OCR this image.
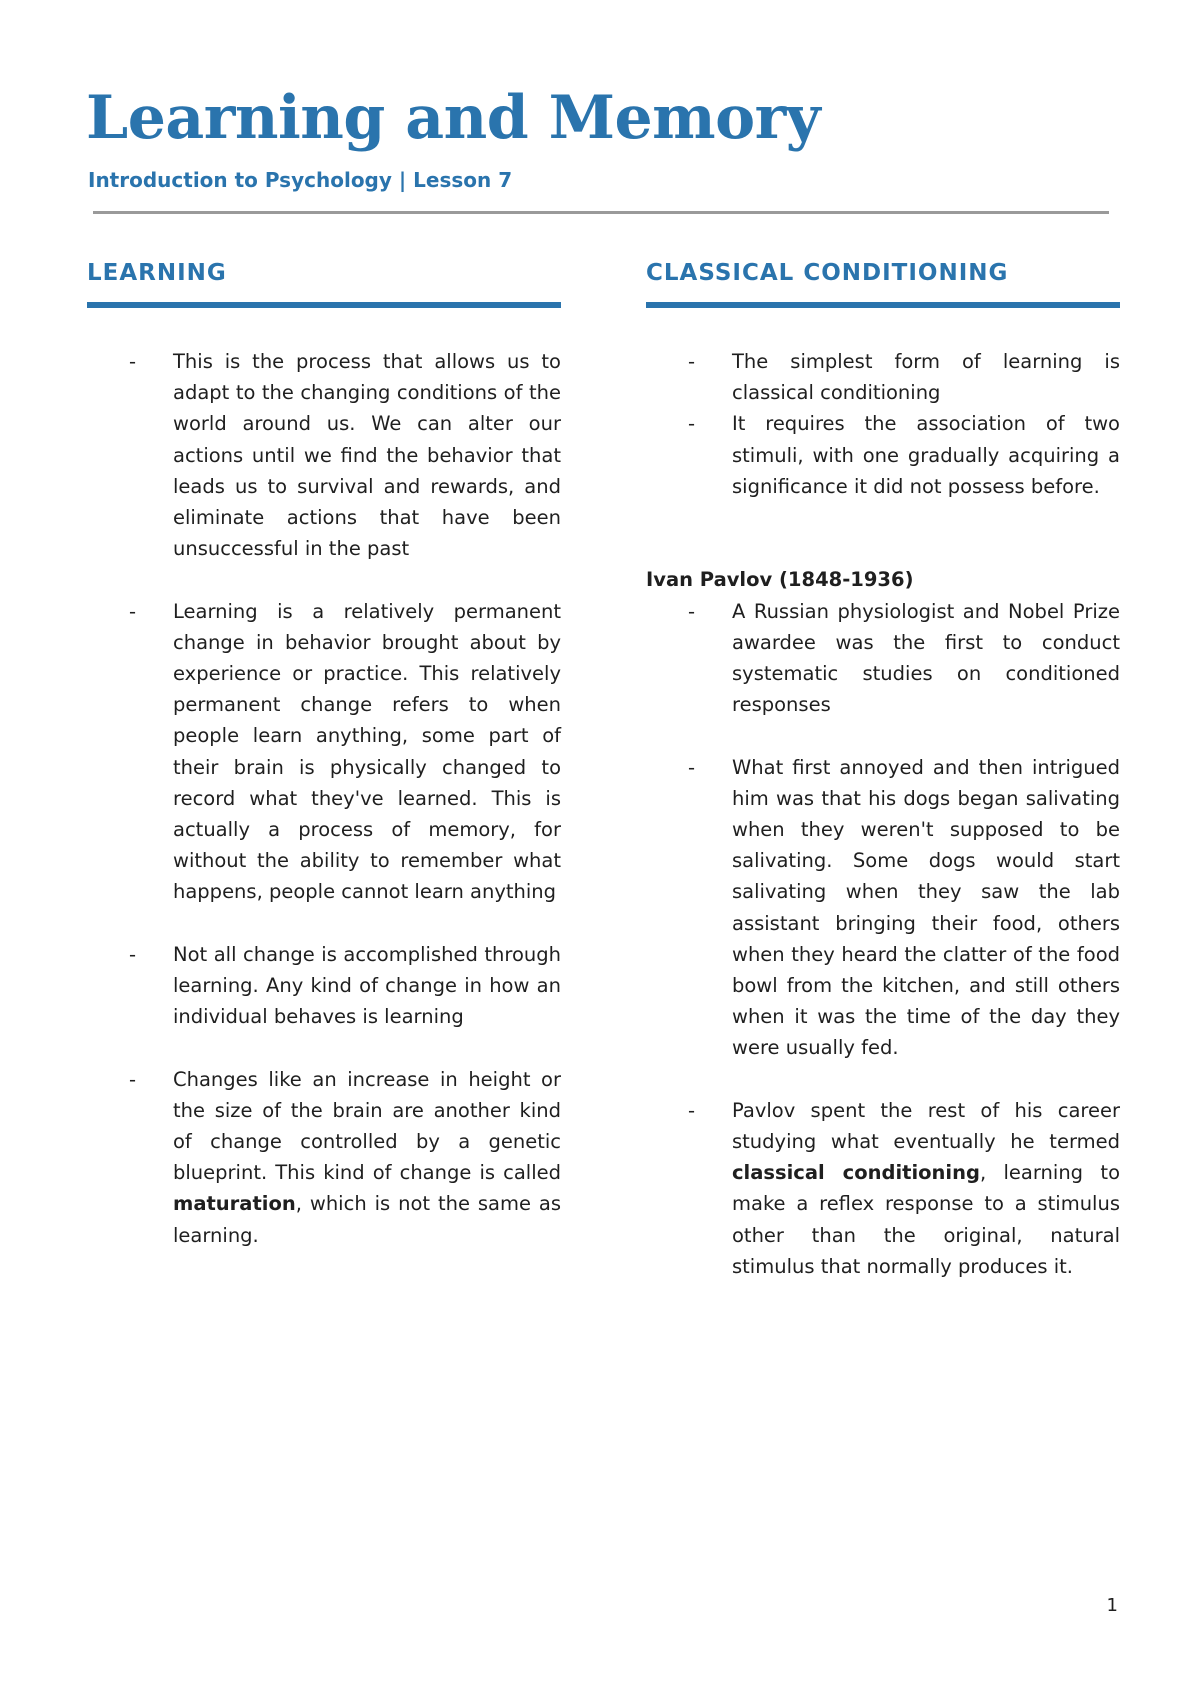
Learning and Memory
Introduction to Psychology | Lesson 7
LEARNING
- This is the process that allows us to adapt to the changing conditions of the world around us. We can alter our actions until we find the behavior that leads us to survival and rewards, and eliminate actions that have been unsuccessful in the past
- Learning is a relatively permanent change in behavior brought about by experience or practice. This relatively permanent change refers to when people learn anything, some part of their brain is physically changed to record what they've learned. This is actually a process of memory, for without the ability to remember what happens, people cannot learn anything
- Not all change is accomplished through learning. Any kind of change in how an individual behaves is learning
- Changes like an increase in height or the size of the brain are another kind of change controlled by a genetic blueprint. This kind of change is called maturation, which is not the same as learning.
CLASSICAL CONDITIONING
- The simplest form of learning is classical conditioning
- It requires the association of two stimuli, with one gradually acquiring a significance it did not possess before.

Ivan Pavlov (1848-1936)

- A Russian physiologist and Nobel Prize awardee was the first to conduct systematic studies on conditioned responses
- What first annoyed and then intrigued him was that his dogs began salivating when they weren't supposed to be salivating. Some dogs would start salivating when they saw the lab assistant bringing their food, others when they heard the clatter of the food bowl from the kitchen, and still others when it was the time of the day they were usually fed.
- Pavlov spent the rest of his career studying what eventually he termed classical conditioning, learning to make a reflex response to a stimulus other than the original, natural stimulus that normally produces it.
1
